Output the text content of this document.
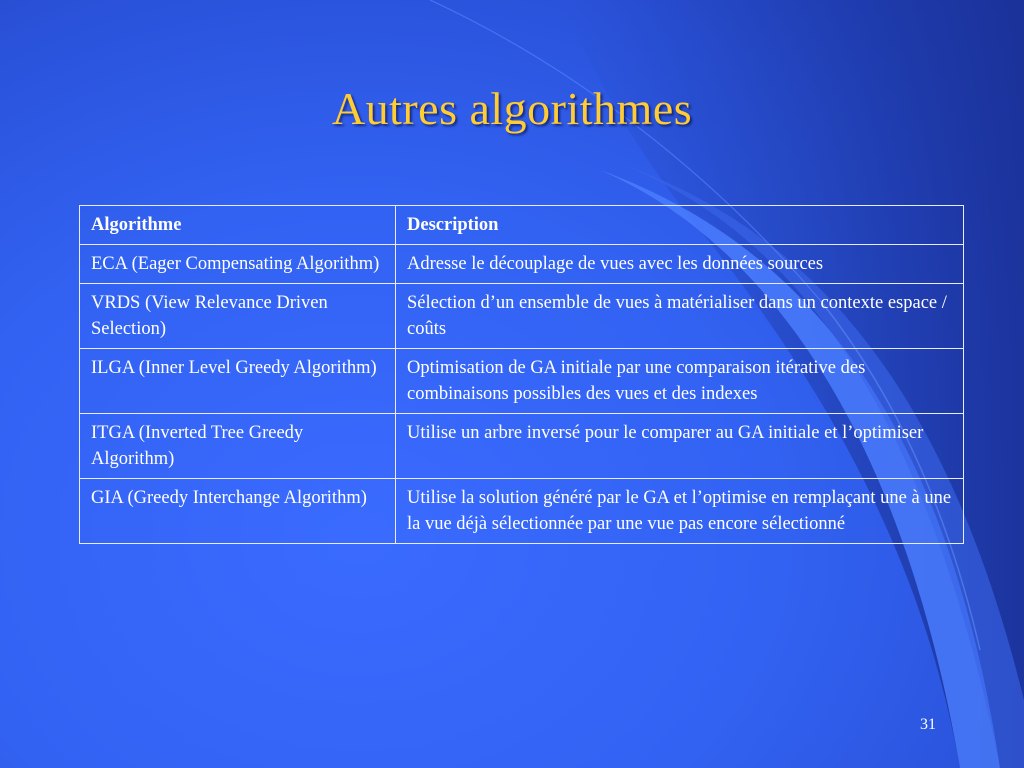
Autres algorithmes
Algorithme	Description
ECA (Eager Compensating Algorithm)	Adresse le découplage de vues avec les données sources
VRDS (View Relevance Driven Selection)	Sélection d’un ensemble de vues à matérialiser dans un contexte espace / coûts
ILGA (Inner Level Greedy Algorithm)	Optimisation de GA initiale par une comparaison itérative des combinaisons possibles des vues et des indexes
ITGA (Inverted Tree Greedy Algorithm)	Utilise un arbre inversé pour le comparer au GA initiale et l’optimiser
GIA (Greedy Interchange Algorithm)	Utilise la solution généré par le GA et l’optimise en remplaçant une à une la vue déjà sélectionnée par une vue pas encore sélectionné
31
